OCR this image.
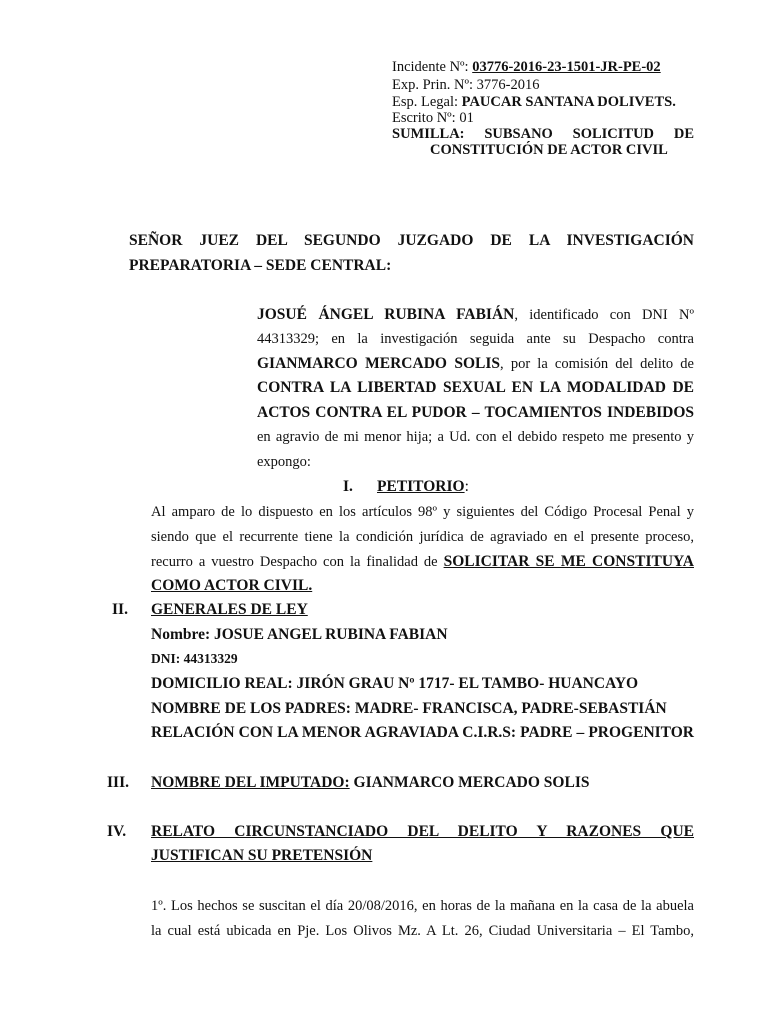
Incidente Nº: 03776-2016-23-1501-JR-PE-02
Exp. Prin. Nº: 3776-2016
Esp. Legal: PAUCAR SANTANA DOLIVETS.
Escrito Nº: 01
SUMILLA: SUBSANO SOLICITUD DE
CONSTITUCIÓN DE ACTOR CIVIL
SEÑOR JUEZ DEL SEGUNDO JUZGADO DE LA INVESTIGACIÓN
PREPARATORIA – SEDE CENTRAL:
JOSUÉ ÁNGEL RUBINA FABIÁN, identificado con DNI Nº
44313329; en la investigación seguida ante su Despacho contra
GIANMARCO MERCADO SOLIS, por la comisión del delito de
CONTRA LA LIBERTAD SEXUAL EN LA MODALIDAD DE
ACTOS CONTRA EL PUDOR – TOCAMIENTOS INDEBIDOS
en agravio de mi menor hija; a Ud. con el debido respeto me presento y
expongo:
I. PETITORIO:
Al amparo de lo dispuesto en los artículos 98º y siguientes del Código Procesal Penal y
siendo que el recurrente tiene la condición jurídica de agraviado en el presente proceso,
recurro a vuestro Despacho con la finalidad de SOLICITAR SE ME CONSTITUYA
COMO ACTOR CIVIL.
II. GENERALES DE LEY
Nombre: JOSUE ANGEL RUBINA FABIAN
DNI: 44313329
DOMICILIO REAL: JIRÓN GRAU Nº 1717- EL TAMBO- HUANCAYO
NOMBRE DE LOS PADRES: MADRE- FRANCISCA, PADRE-SEBASTIÁN
RELACIÓN CON LA MENOR AGRAVIADA C.I.R.S: PADRE – PROGENITOR
III. NOMBRE DEL IMPUTADO: GIANMARCO MERCADO SOLIS
IV. RELATO CIRCUNSTANCIADO DEL DELITO Y RAZONES QUE
JUSTIFICAN SU PRETENSIÓN
1º. Los hechos se suscitan el día 20/08/2016, en horas de la mañana en la casa de la abuela
la cual está ubicada en Pje. Los Olivos Mz. A Lt. 26, Ciudad Universitaria – El Tambo,
